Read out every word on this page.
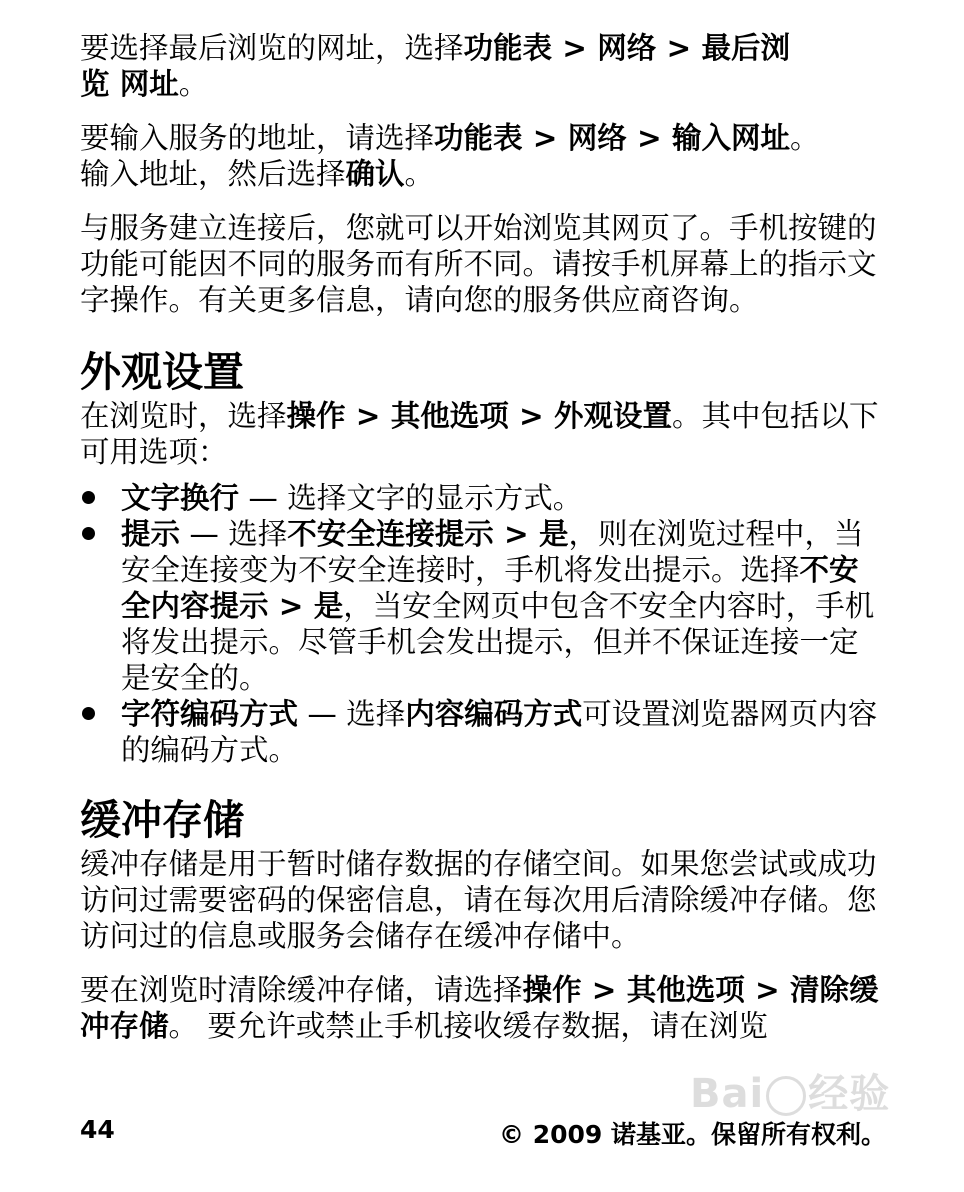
要选择最后浏览的网址，选择功能表 > 网络 > 最后浏
览 网址。

要输入服务的地址，请选择功能表 > 网络 > 输入网址。
输入地址，然后选择确认。

与服务建立连接后，您就可以开始浏览其网页了。手机按键的功能可能因不同的服务而有所不同。请按手机屏幕上的指示文字操作。有关更多信息，请向您的服务供应商咨询。

外观设置

在浏览时，选择操作 > 其他选项 > 外观设置。其中包括以下可用选项：

文字换行 — 选择文字的显示方式。
提示 — 选择不安全连接提示 > 是，则在浏览过程中，当安全连接变为不安全连接时，手机将发出提示。选择不安全内容提示 > 是，当安全网页中包含不安全内容时，手机将发出提示。尽管手机会发出提示，但并不保证连接一定是安全的。
字符编码方式 — 选择内容编码方式可设置浏览器网页内容的编码方式。
缓冲存储

缓冲存储是用于暂时储存数据的存储空间。如果您尝试或成功访问过需要密码的保密信息，请在每次用后清除缓冲存储。您访问过的信息或服务会储存在缓冲存储中。

要在浏览时清除缓冲存储，请选择操作 > 其他选项 > 清除缓冲存储。 要允许或禁止手机接收缓存数据，请在浏览

Bai 经验
44	© 2009 诺基亚。保留所有权利。
